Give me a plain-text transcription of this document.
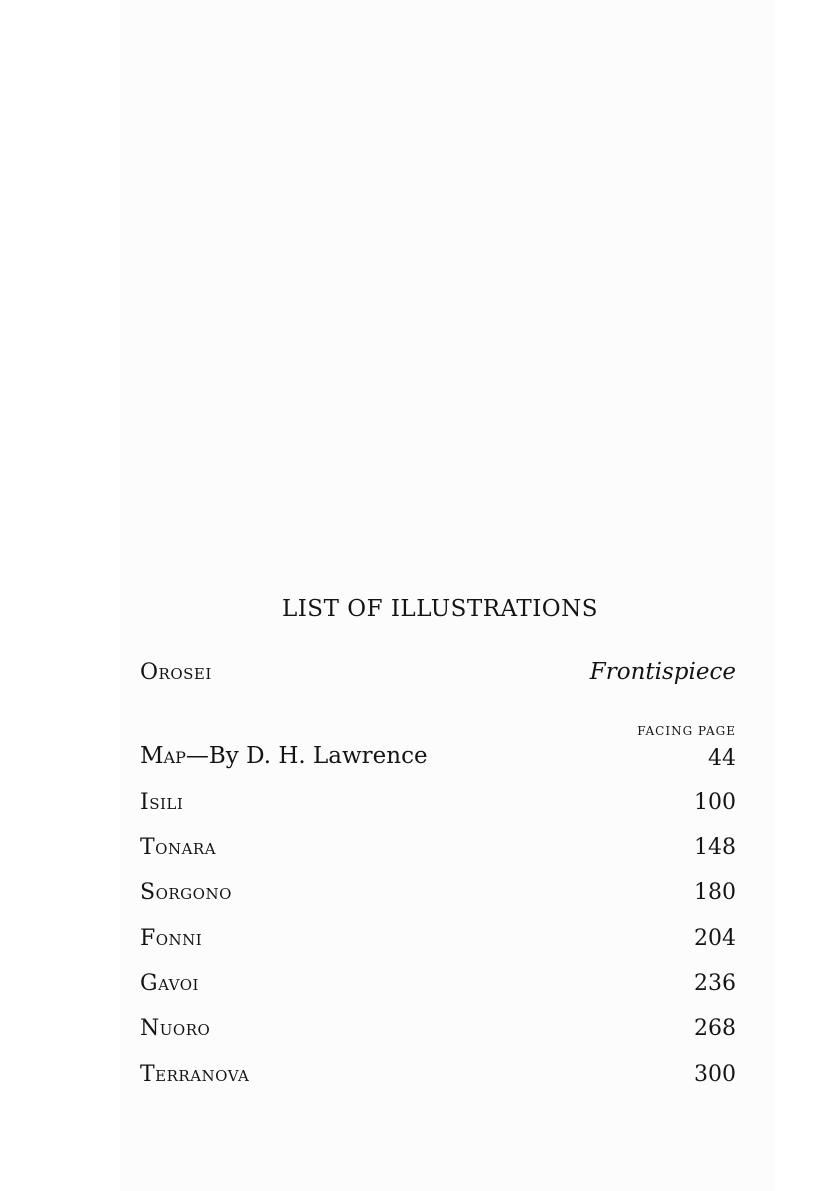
LIST OF ILLUSTRATIONS
Orosei	Frontispiece
FACING PAGE
Map—By D. H. Lawrence	44
Isili	100
Tonara	148
Sorgono	180
Fonni	204
Gavoi	236
Nuoro	268
Terranova	300
